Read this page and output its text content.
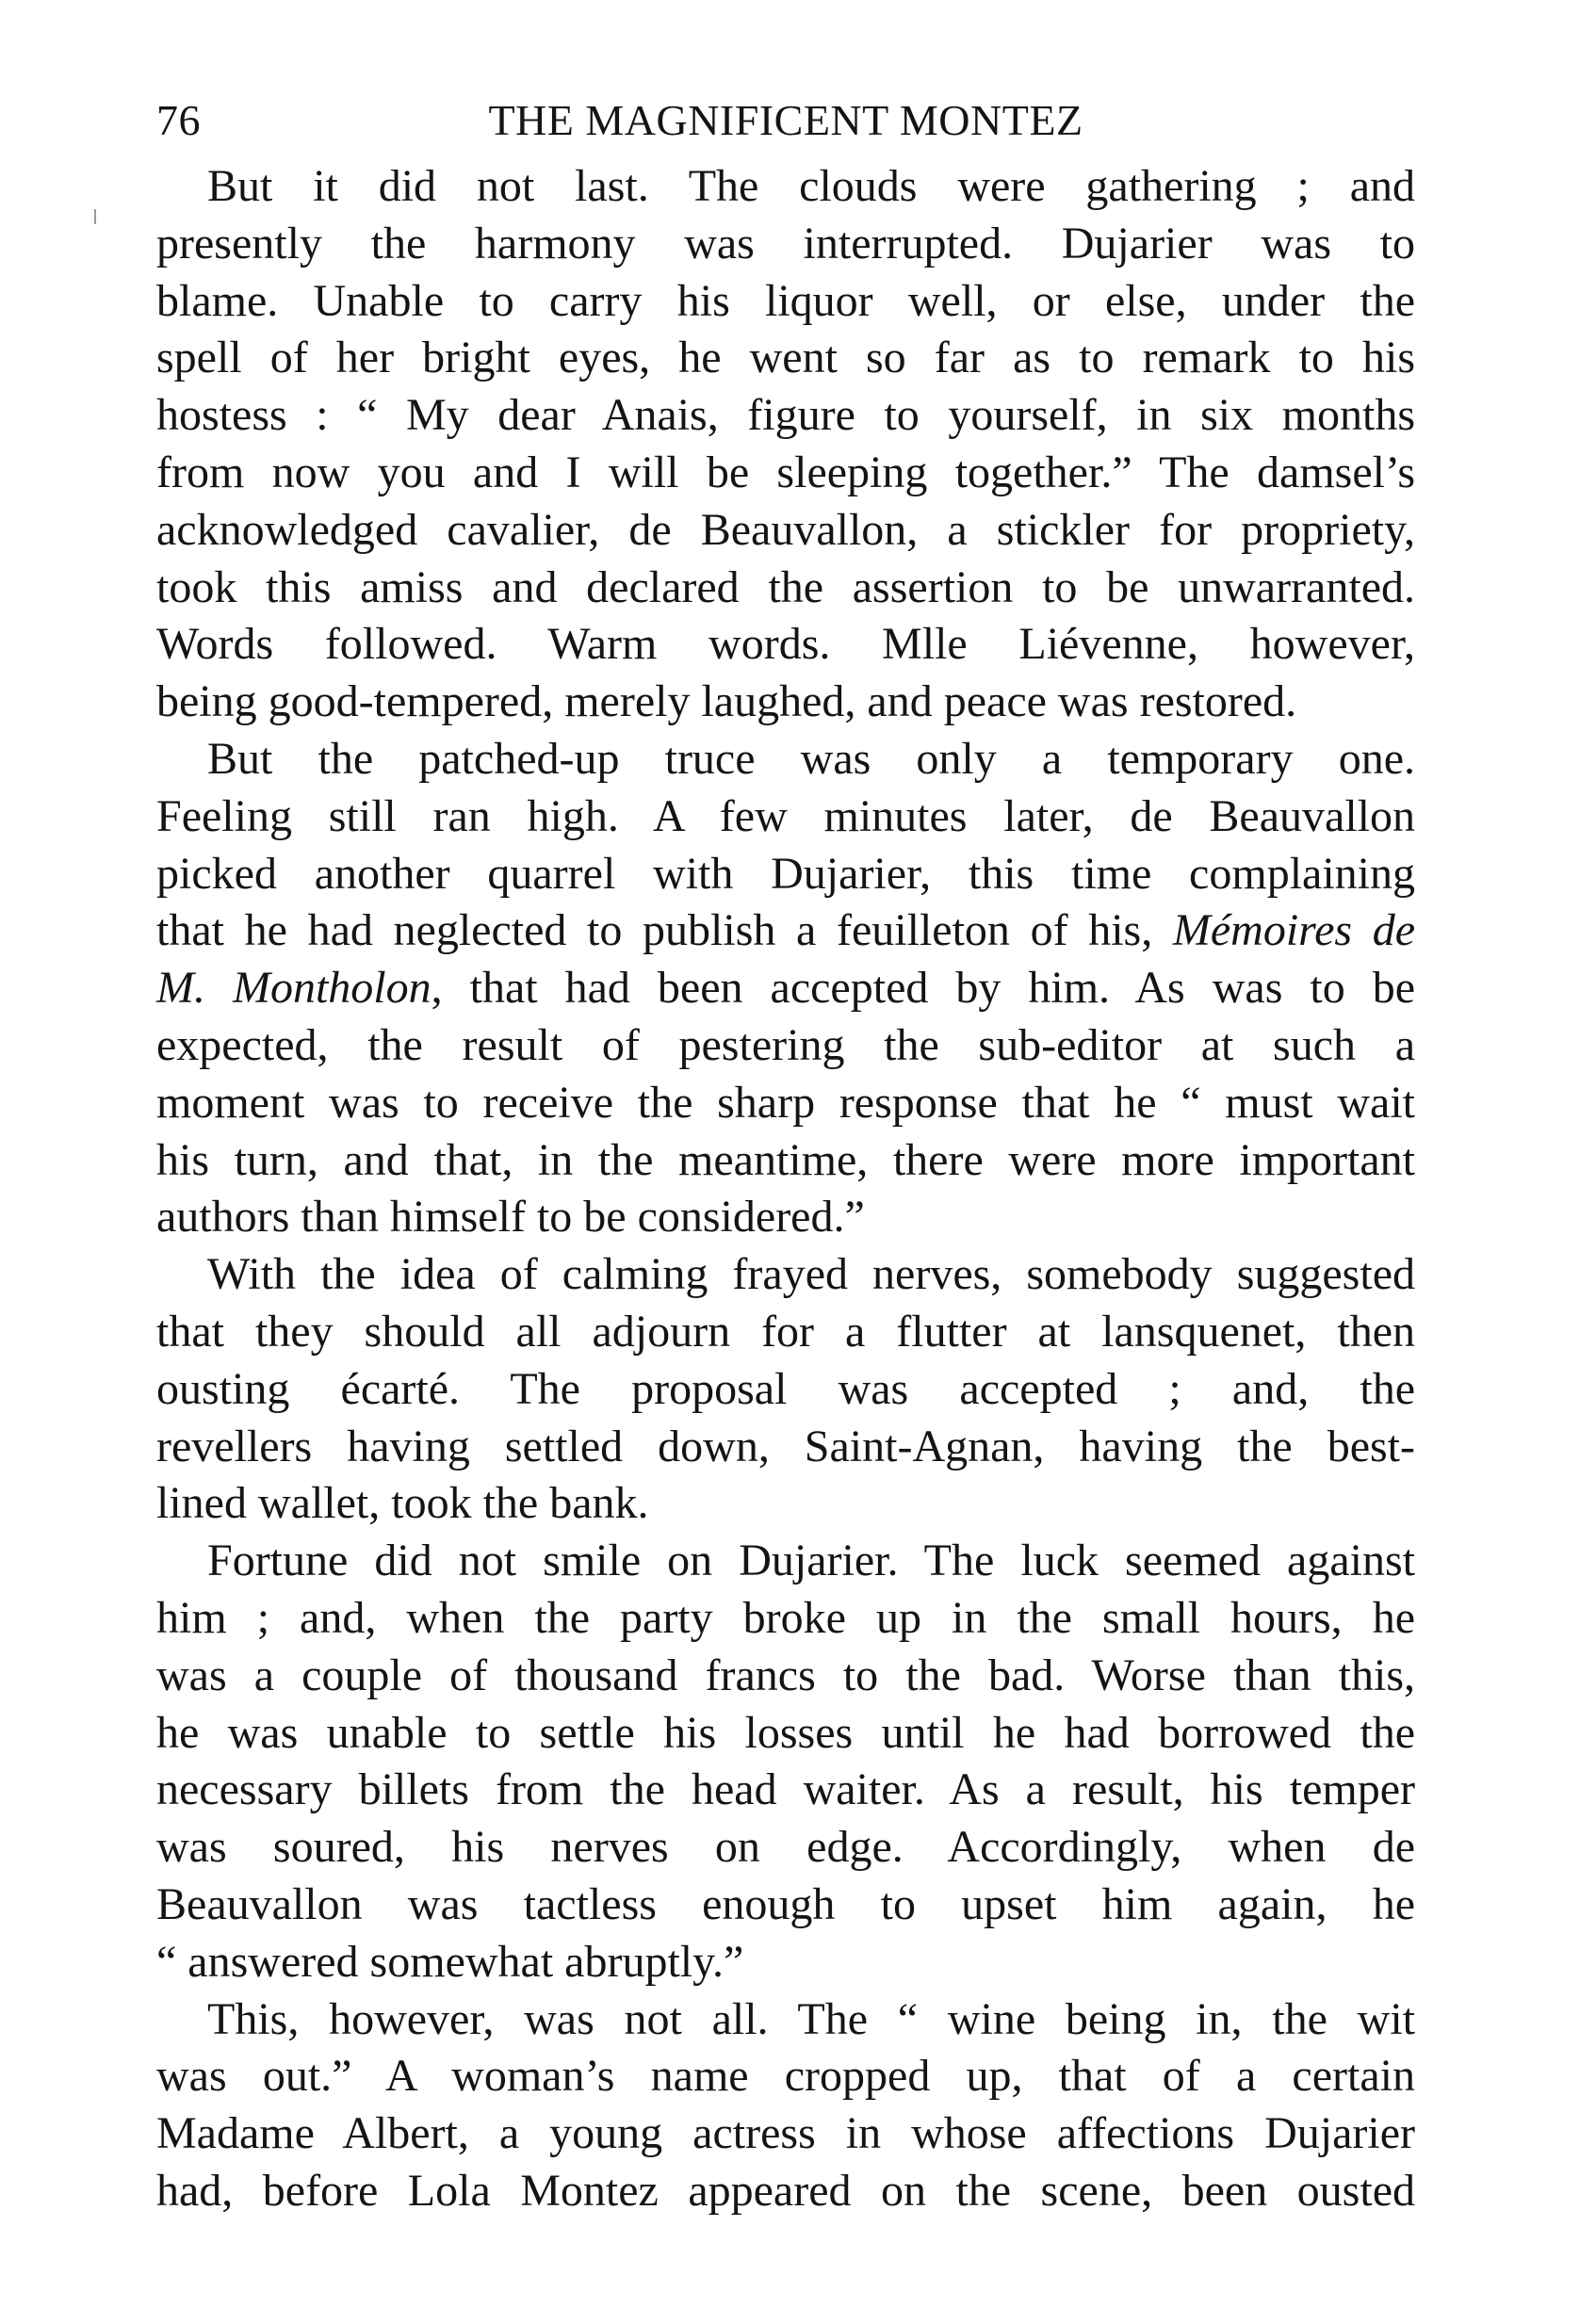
76	THE MAGNIFICENT MONTEZ
But it did not last. The clouds were gathering ; and
presently the harmony was interrupted. Dujarier was to
blame. Unable to carry his liquor well, or else, under the
spell of her bright eyes, he went so far as to remark to his
hostess : “ My dear Anais, figure to yourself, in six months
from now you and I will be sleeping together.” The damsel’s
acknowledged cavalier, de Beauvallon, a stickler for propriety,
took this amiss and declared the assertion to be unwarranted.
Words followed. Warm words. Mlle Liévenne, however,
being good-tempered, merely laughed, and peace was restored.
But the patched-up truce was only a temporary one.
Feeling still ran high. A few minutes later, de Beauvallon
picked another quarrel with Dujarier, this time complaining
that he had neglected to publish a feuilleton of his, Mémoires de
M. Montholon, that had been accepted by him. As was to be
expected, the result of pestering the sub-editor at such a
moment was to receive the sharp response that he “ must wait
his turn, and that, in the meantime, there were more important
authors than himself to be considered.”
With the idea of calming frayed nerves, somebody suggested
that they should all adjourn for a flutter at lansquenet, then
ousting écarté. The proposal was accepted ; and, the
revellers having settled down, Saint-Agnan, having the best-
lined wallet, took the bank.
Fortune did not smile on Dujarier. The luck seemed against
him ; and, when the party broke up in the small hours, he
was a couple of thousand francs to the bad. Worse than this,
he was unable to settle his losses until he had borrowed the
necessary billets from the head waiter. As a result, his temper
was soured, his nerves on edge. Accordingly, when de
Beauvallon was tactless enough to upset him again, he
“ answered somewhat abruptly.”
This, however, was not all. The “ wine being in, the wit
was out.” A woman’s name cropped up, that of a certain
Madame Albert, a young actress in whose affections Dujarier
had, before Lola Montez appeared on the scene, been ousted
